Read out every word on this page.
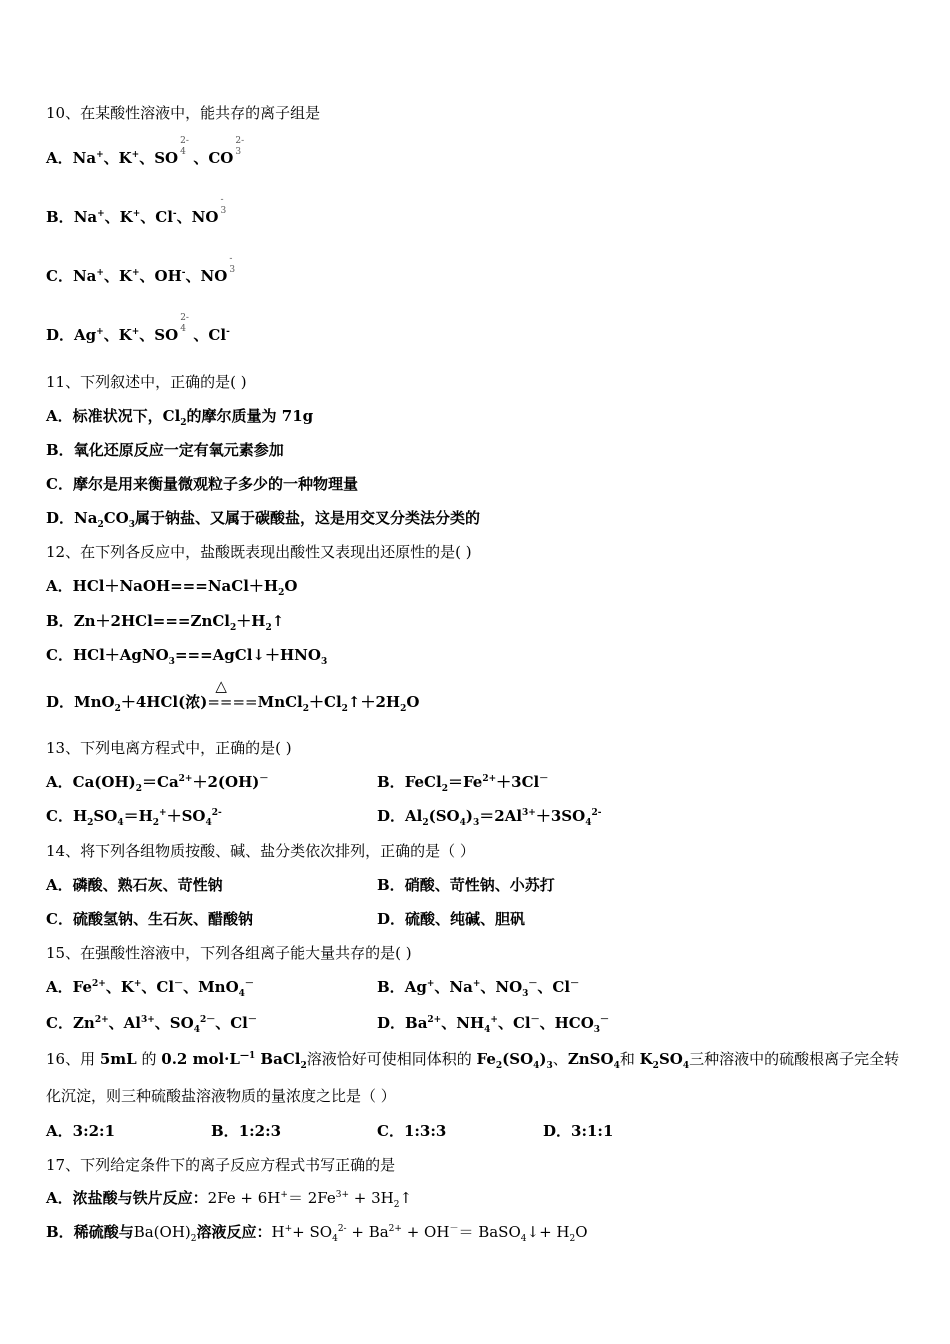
10、在某酸性溶液中，能共存的离子组是
A．Na+、K+、SO
2-
4 、CO
2-
3
B．Na+、K+、Cl-、NO
-
3
C．Na+、K+、OH-、NO
-
3
D．Ag+、K+、SO
2-
4 、Cl-
11、下列叙述中，正确的是( )
A．标准状况下，$Cl_2$的摩尔质量为 71g
B．氧化还原反应一定有氧元素参加
C．摩尔是用来衡量微观粒子多少的一种物理量
D．$Na_2CO_3$属于钠盐、又属于碳酸盐，这是用交叉分类法分类的
12、在下列各反应中，盐酸既表现出酸性又表现出还原性的是( )
A．$HCl+NaOH===NaCl+H_2O$
B．$Zn+2HCl===ZnCl_2+H_2↑$
C．$HCl+AgNO_3===AgCl↓+HNO_3$
D．MnO$_2$＋4HCl(浓)
△
$====MnCl_2+Cl_2↑+2H_2O$
13、下列电离方程式中，正确的是( )
A．$Ca(OH)_2=Ca^{2+}+2(OH)^-$	B．$FeCl_2=Fe^{2+}+3Cl^-$
C．$H_2SO_4=H_2^++SO_4^{2-}$	D．$Al_2(SO_4)_3=2Al^{3+}+3SO_4^{2-}$
14、将下列各组物质按酸、碱、盐分类依次排列，正确的是（ ）
A．磷酸、熟石灰、苛性钠	B．硝酸、苛性钠、小苏打
C．硫酸氢钠、生石灰、醋酸钠	D．硫酸、纯碱、胆矾
15、在强酸性溶液中，下列各组离子能大量共存的是( )
A．$Fe^{2+}$、K+、Cl－、MnO$_4$－	B．Ag+、Na+、$NO_3^-$、Cl－
C．$Zn^{2+}$、$Al^{3+}$、$SO_4^{2-}$、Cl－	D．$Ba^{2+}$、$NH_4^+$、Cl－、$HCO_3^-$
16、用 5mL 的 0.2 $mol\cdot L^{—1}$ BaCl$_2$溶液恰好可使相同体积的 $Fe_2(SO_4)_3$、ZnSO$_4$和 $K_2SO_4$三种溶液中的硫酸根离子完全转
化沉淀，则三种硫酸盐溶液物质的量浓度之比是（ ）
A．3:2:1	B．1:2:3	C．1:3:3	D．3:1:1
17、下列给定条件下的离子反应方程式书写正确的是
A．浓盐酸与铁片反应：$2Fe + 6H^+= 2Fe^{3+}$ + $3H_2↑$
B．稀硫酸与$Ba(OH)_2$溶液反应：$H^++ SO_4^{2-} + Ba^{2+} + OH^-=$ BaSO$_4$↓+ $H_2O$
